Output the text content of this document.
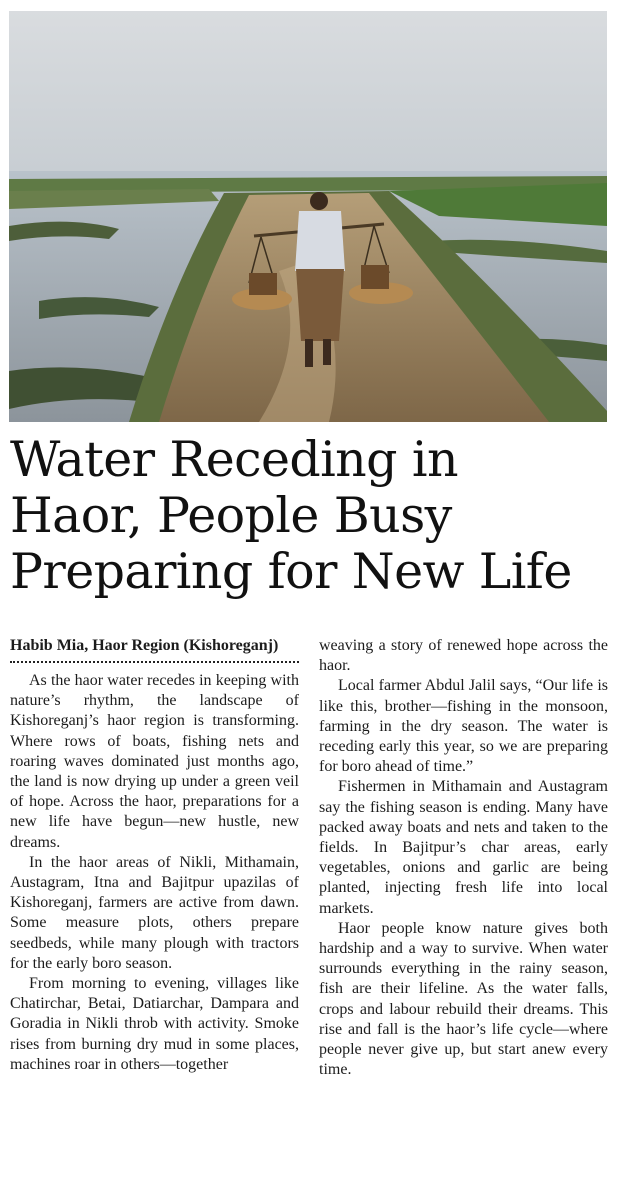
Water Receding in
Haor, People Busy
Preparing for New Life
Habib Mia, Haor Region (Kishoreganj)

As the haor water recedes in keeping with nature’s rhythm, the landscape of Kishoreganj’s haor region is transforming. Where rows of boats, fishing nets and roaring waves dominated just months ago, the land is now drying up under a green veil of hope. Across the haor, preparations for a new life have begun—new hustle, new dreams.

In the haor areas of Nikli, Mithamain, Austagram, Itna and Bajitpur upazilas of Kishoreganj, farmers are active from dawn. Some measure plots, others prepare seedbeds, while many plough with tractors for the early boro season.

From morning to evening, villages like Chatirchar, Betai, Datiarchar, Dampara and Goradia in Nikli throb with activity. Smoke rises from burning dry mud in some places, machines roar in others—together

weaving a story of renewed hope across the haor.

Local farmer Abdul Jalil says, “Our life is like this, brother—fishing in the monsoon, farming in the dry season. The water is receding early this year, so we are preparing for boro ahead of time.”

Fishermen in Mithamain and Austagram say the fishing season is ending. Many have packed away boats and nets and taken to the fields. In Bajitpur’s char areas, early vegetables, onions and garlic are being planted, injecting fresh life into local markets.

Haor people know nature gives both hardship and a way to survive. When water surrounds everything in the rainy season, fish are their lifeline. As the water falls, crops and labour rebuild their dreams. This rise and fall is the haor’s life cycle—where people never give up, but start anew every time.
